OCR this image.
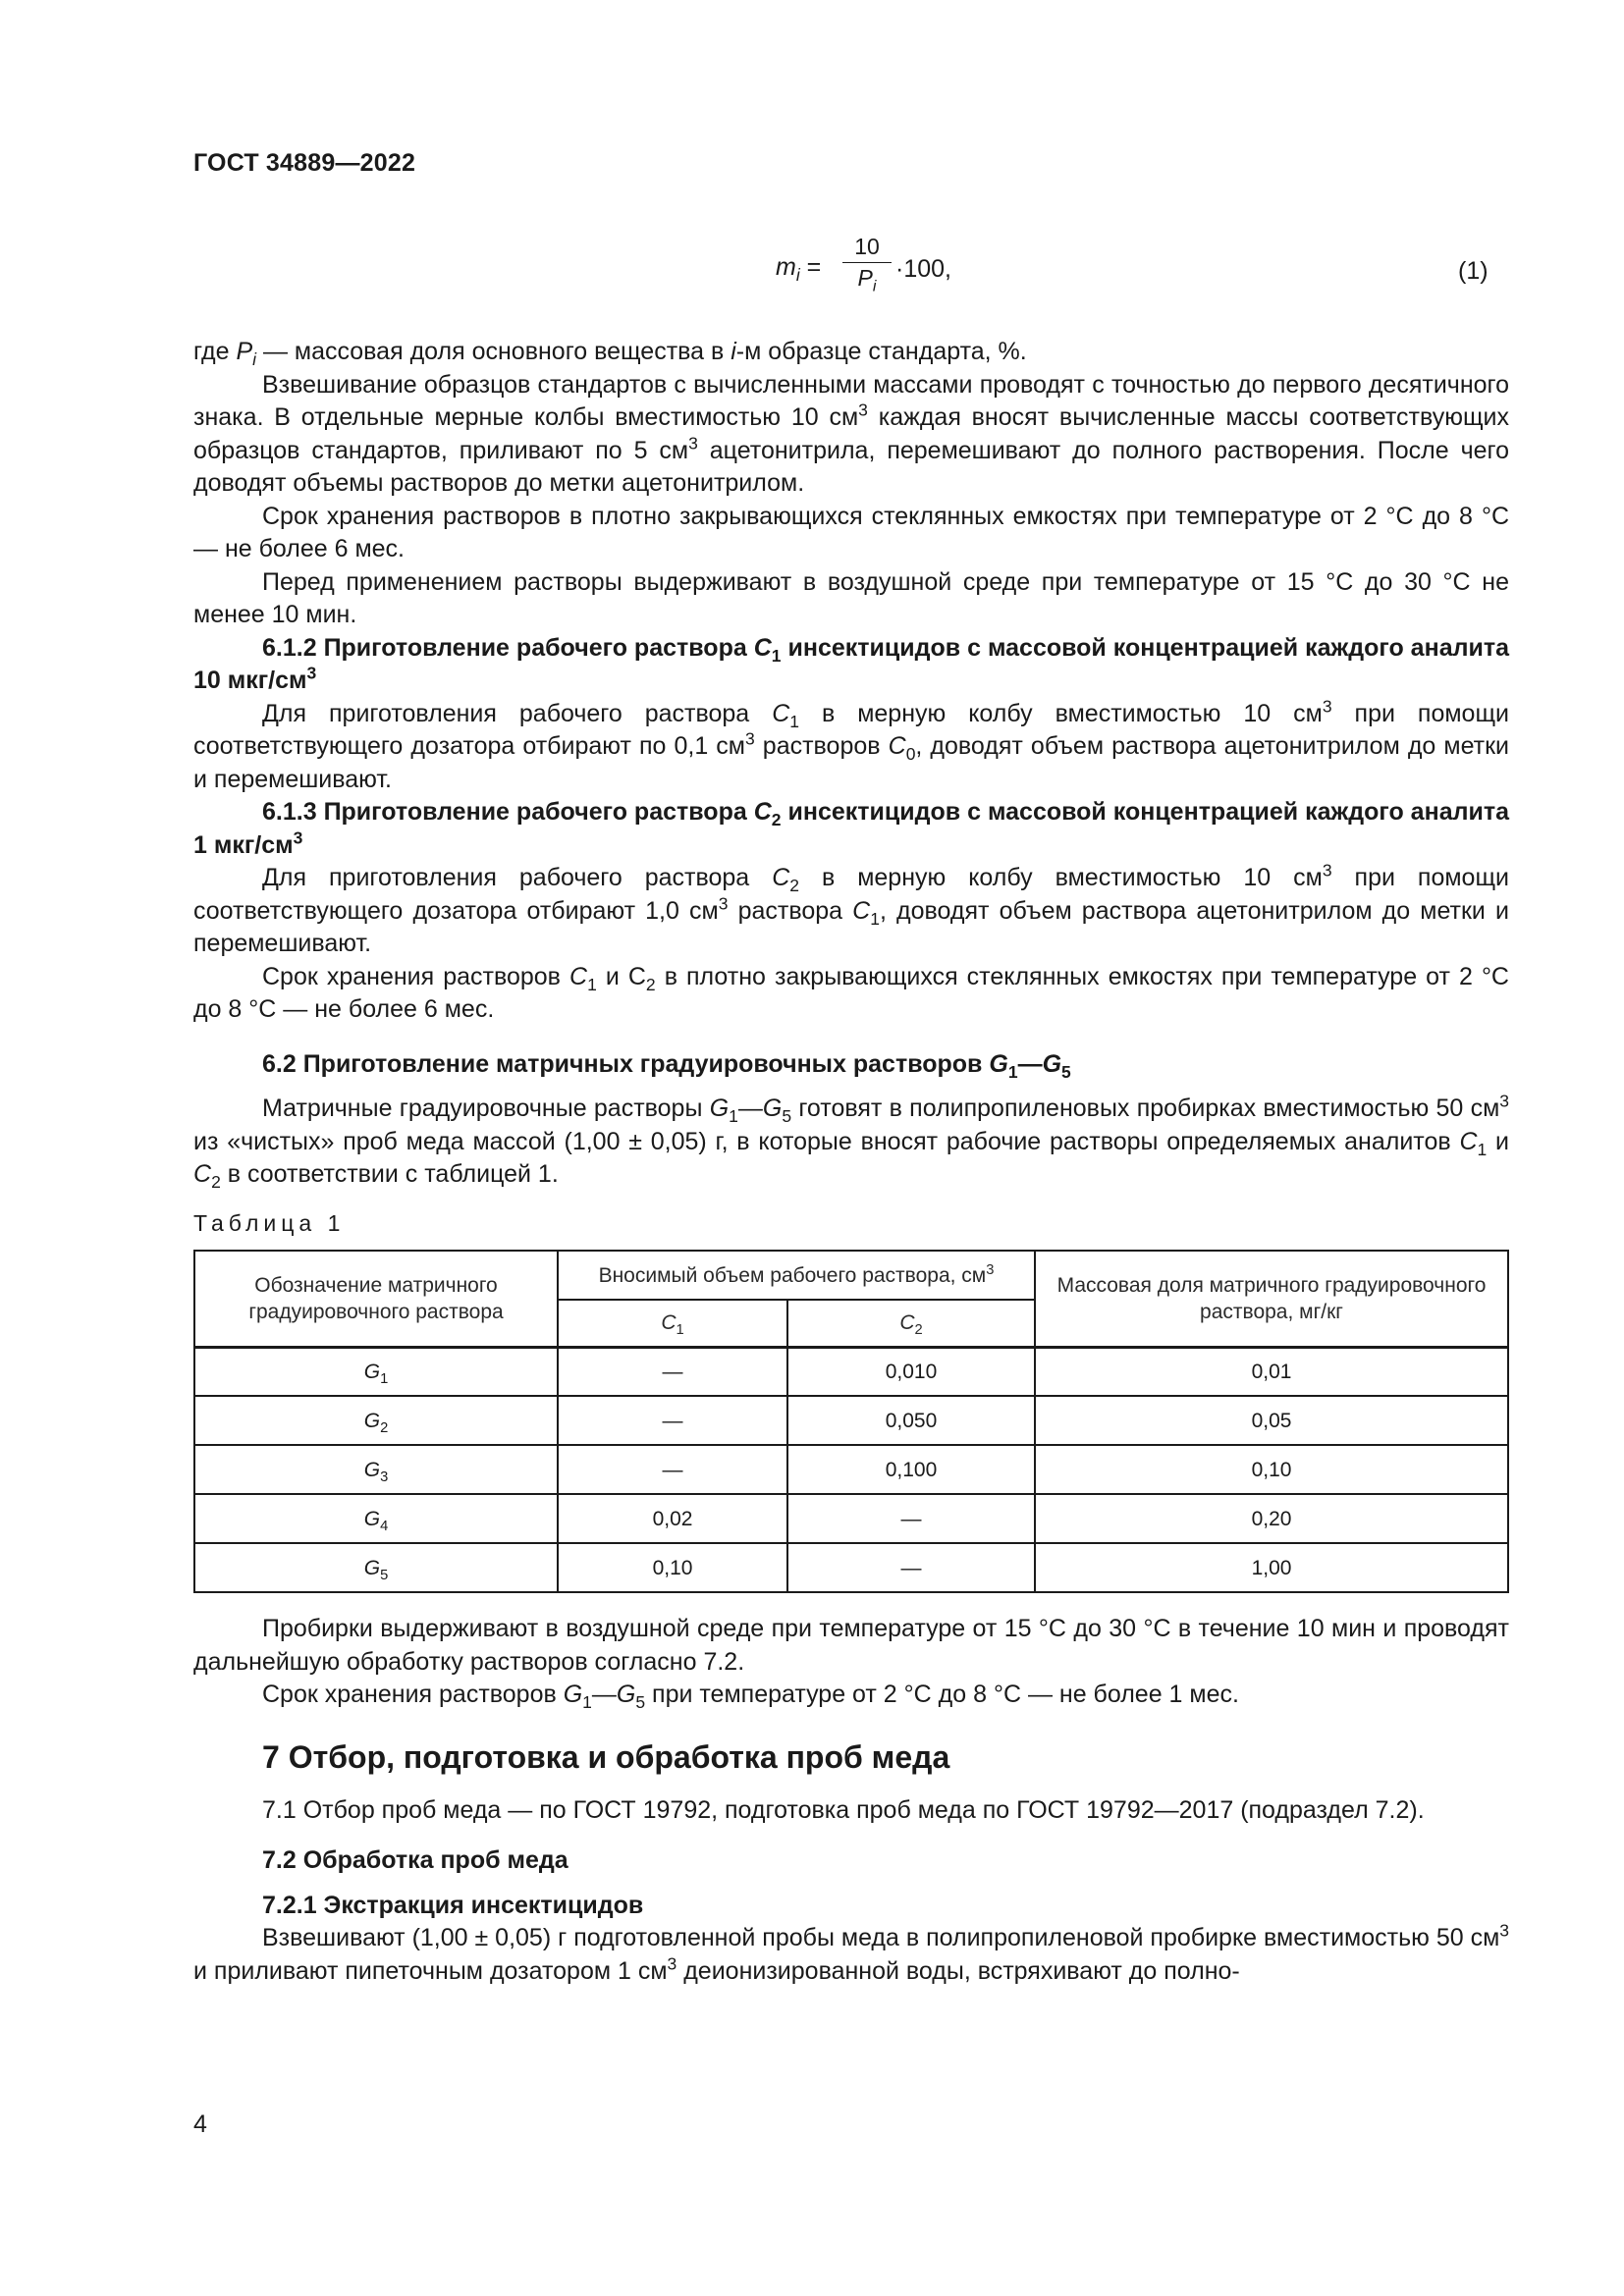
ГОСТ 34889—2022
$m_i$ =
10
$P_i$
·100,	(1)

где $P_i$ — массовая доля основного вещества в i-м образце стандарта, %.

Взвешивание образцов стандартов с вычисленными массами проводят с точностью до первого десятичного знака. В отдельные мерные колбы вместимостью 10 $см^3$ каждая вносят вычисленные массы соответствующих образцов стандартов, приливают по 5 $см^3$ ацетонитрила, перемешивают до полного растворения. После чего доводят объемы растворов до метки ацетонитрилом.

Срок хранения растворов в плотно закрывающихся стеклянных емкостях при температуре от 2 °С до 8 °С — не более 6 мес.

Перед применением растворы выдерживают в воздушной среде при температуре от 15 °С до 30 °С не менее 10 мин.

6.1.2 Приготовление рабочего раствора $C_1$ инсектицидов с массовой концентрацией каждого аналита 10 мкг/$см^3$

Для приготовления рабочего раствора $C_1$ в мерную колбу вместимостью 10 $см^3$ при помощи соответствующего дозатора отбирают по 0,1 $см^3$ растворов $C_0$, доводят объем раствора ацетонитрилом до метки и перемешивают.

6.1.3 Приготовление рабочего раствора $C_2$ инсектицидов с массовой концентрацией каждого аналита 1 мкг/$см^3$

Для приготовления рабочего раствора $C_2$ в мерную колбу вместимостью 10 $см^3$ при помощи соответствующего дозатора отбирают 1,0 $см^3$ раствора $C_1$, доводят объем раствора ацетонитрилом до метки и перемешивают.

Срок хранения растворов $C_1$ и $С_2$ в плотно закрывающихся стеклянных емкостях при температуре от 2 °С до 8 °С — не более 6 мес.

6.2 Приготовление матричных градуировочных растворов $G_1—G_5$

Матричные градуировочные растворы $G_1—G_5$ готовят в полипропиленовых пробирках вместимостью 50 $см^3$ из «чистых» проб меда массой (1,00 ± 0,05) г, в которые вносят рабочие растворы определяемых аналитов $C_1$ и $C_2$ в соответствии с таблицей 1.

Таблица 1
Обозначение матричного градуировочного раствора	Вносимый объем рабочего раствора, $см^3$		Массовая доля матричного градуировочного раствора, мг/кг
	$C_1$	$C_2$
$G_1$	—	0,010	0,01
$G_2$	—	0,050	0,05
$G_3$	—	0,100	0,10
$G_4$	0,02	—	0,20
$G_5$	0,10	—	1,00

Пробирки выдерживают в воздушной среде при температуре от 15 °С до 30 °С в течение 10 мин и проводят дальнейшую обработку растворов согласно 7.2.

Срок хранения растворов $G_1—G_5$ при температуре от 2 °С до 8 °С — не более 1 мес.

7 Отбор, подготовка и обработка проб меда

7.1 Отбор проб меда — по ГОСТ 19792, подготовка проб меда по ГОСТ 19792—2017 (подраздел 7.2).

7.2 Обработка проб меда

7.2.1 Экстракция инсектицидов

Взвешивают (1,00 ± 0,05) г подготовленной пробы меда в полипропиленовой пробирке вместимостью 50 $см^3$ и приливают пипеточным дозатором 1 $см^3$ деионизированной воды, встряхивают до полно-

4
